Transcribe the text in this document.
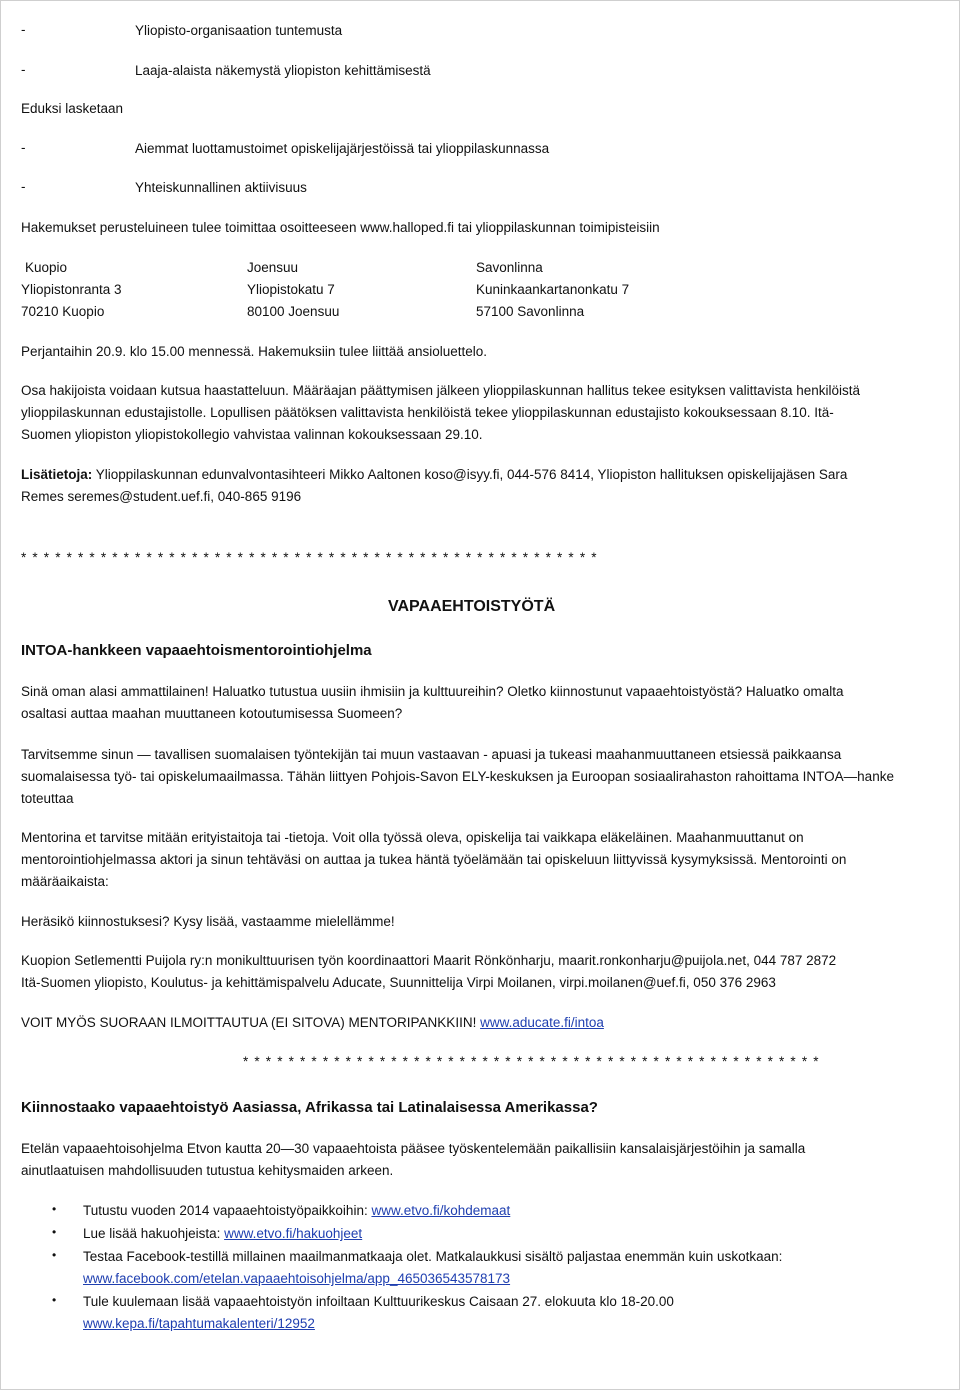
-	Yliopisto-organisaation tuntemusta
-	Laaja-alaista näkemystä yliopiston kehittämisestä
Eduksi lasketaan
-	Aiemmat luottamustoimet opiskelijajärjestöissä tai ylioppilaskunnassa
-	Yhteiskunnallinen aktiivisuus
Hakemukset perusteluineen tulee toimittaa osoitteeseen www.halloped.fi tai ylioppilaskunnan toimipisteisiin
Kuopio	Joensuu	Savonlinna
Yliopistonranta 3	Yliopistokatu 7	Kuninkaankartanonkatu 7
70210 Kuopio	80100 Joensuu	57100 Savonlinna
Perjantaihin 20.9. klo 15.00 mennessä. Hakemuksiin tulee liittää ansioluettelo.
Osa hakijoista voidaan kutsua haastatteluun. Määräajan päättymisen jälkeen ylioppilaskunnan hallitus tekee esityksen valittavista henkilöistä
ylioppilaskunnan edustajistolle. Lopullisen päätöksen valittavista henkilöistä tekee ylioppilaskunnan edustajisto kokouksessaan 8.10. Itä-
Suomen yliopiston yliopistokollegio vahvistaa valinnan kokouksessaan 29.10.
Lisätietoja: Ylioppilaskunnan edunvalvontasihteeri Mikko Aaltonen koso@isyy.fi, 044-576 8414, Yliopiston hallituksen opiskelijajäsen Sara
Remes seremes@student.uef.fi, 040-865 9196
* * * * * * * * * * * * * * * * * * * * * * * * * * * * * * * * * * * * * * * * * * * * * * * * * * *
VAPAAEHTOISTYÖTÄ
INTOA-hankkeen vapaaehtoismentorointiohjelma
Sinä oman alasi ammattilainen! Haluatko tutustua uusiin ihmisiin ja kulttuureihin? Oletko kiinnostunut vapaaehtoistyöstä? Haluatko omalta
osaltasi auttaa maahan muuttaneen kotoutumisessa Suomeen?
Tarvitsemme sinun — tavallisen suomalaisen työntekijän tai muun vastaavan - apuasi ja tukeasi maahanmuuttaneen etsiessä paikkaansa
suomalaisessa työ- tai opiskelumaailmassa. Tähän liittyen Pohjois-Savon ELY-keskuksen ja Euroopan sosiaalirahaston rahoittama INTOA—hanke
toteuttaa
Mentorina et tarvitse mitään erityistaitoja tai -tietoja. Voit olla työssä oleva, opiskelija tai vaikkapa eläkeläinen. Maahanmuuttanut on
mentorointiohjelmassa aktori ja sinun tehtäväsi on auttaa ja tukea häntä työelämään tai opiskeluun liittyvissä kysymyksissä. Mentorointi on
määräaikaista:
Heräsikö kiinnostuksesi? Kysy lisää, vastaamme mielellämme!
Kuopion Setlementti Puijola ry:n monikulttuurisen työn koordinaattori Maarit Rönkönharju, maarit.ronkonharju@puijola.net, 044 787 2872
Itä-Suomen yliopisto, Koulutus- ja kehittämispalvelu Aducate, Suunnittelija Virpi Moilanen, virpi.moilanen@uef.fi, 050 376 2963
VOIT MYÖS SUORAAN ILMOITTAUTUA (EI SITOVA) MENTORIPANKKIIN! www.aducate.fi/intoa
* * * * * * * * * * * * * * * * * * * * * * * * * * * * * * * * * * * * * * * * * * * * * * * * * * *
Kiinnostaako vapaaehtoistyö Aasiassa, Afrikassa tai Latinalaisessa Amerikassa?
Etelän vapaaehtoisohjelma Etvon kautta 20—30 vapaaehtoista pääsee työskentelemään paikallisiin kansalaisjärjestöihin ja samalla
ainutlaatuisen mahdollisuuden tutustua kehitysmaiden arkeen.
• Tutustu vuoden 2014 vapaaehtoistyöpaikkoihin: www.etvo.fi/kohdemaat
• Lue lisää hakuohjeista: www.etvo.fi/hakuohjeet
• Testaa Facebook-testillä millainen maailmanmatkaaja olet. Matkalaukkusi sisältö paljastaa enemmän kuin uskotkaan:
www.facebook.com/etelan.vapaaehtoisohjelma/app_465036543578173
• Tule kuulemaan lisää vapaaehtoistyön infoiltaan Kulttuurikeskus Caisaan 27. elokuuta klo 18-20.00
www.kepa.fi/tapahtumakalenteri/12952
